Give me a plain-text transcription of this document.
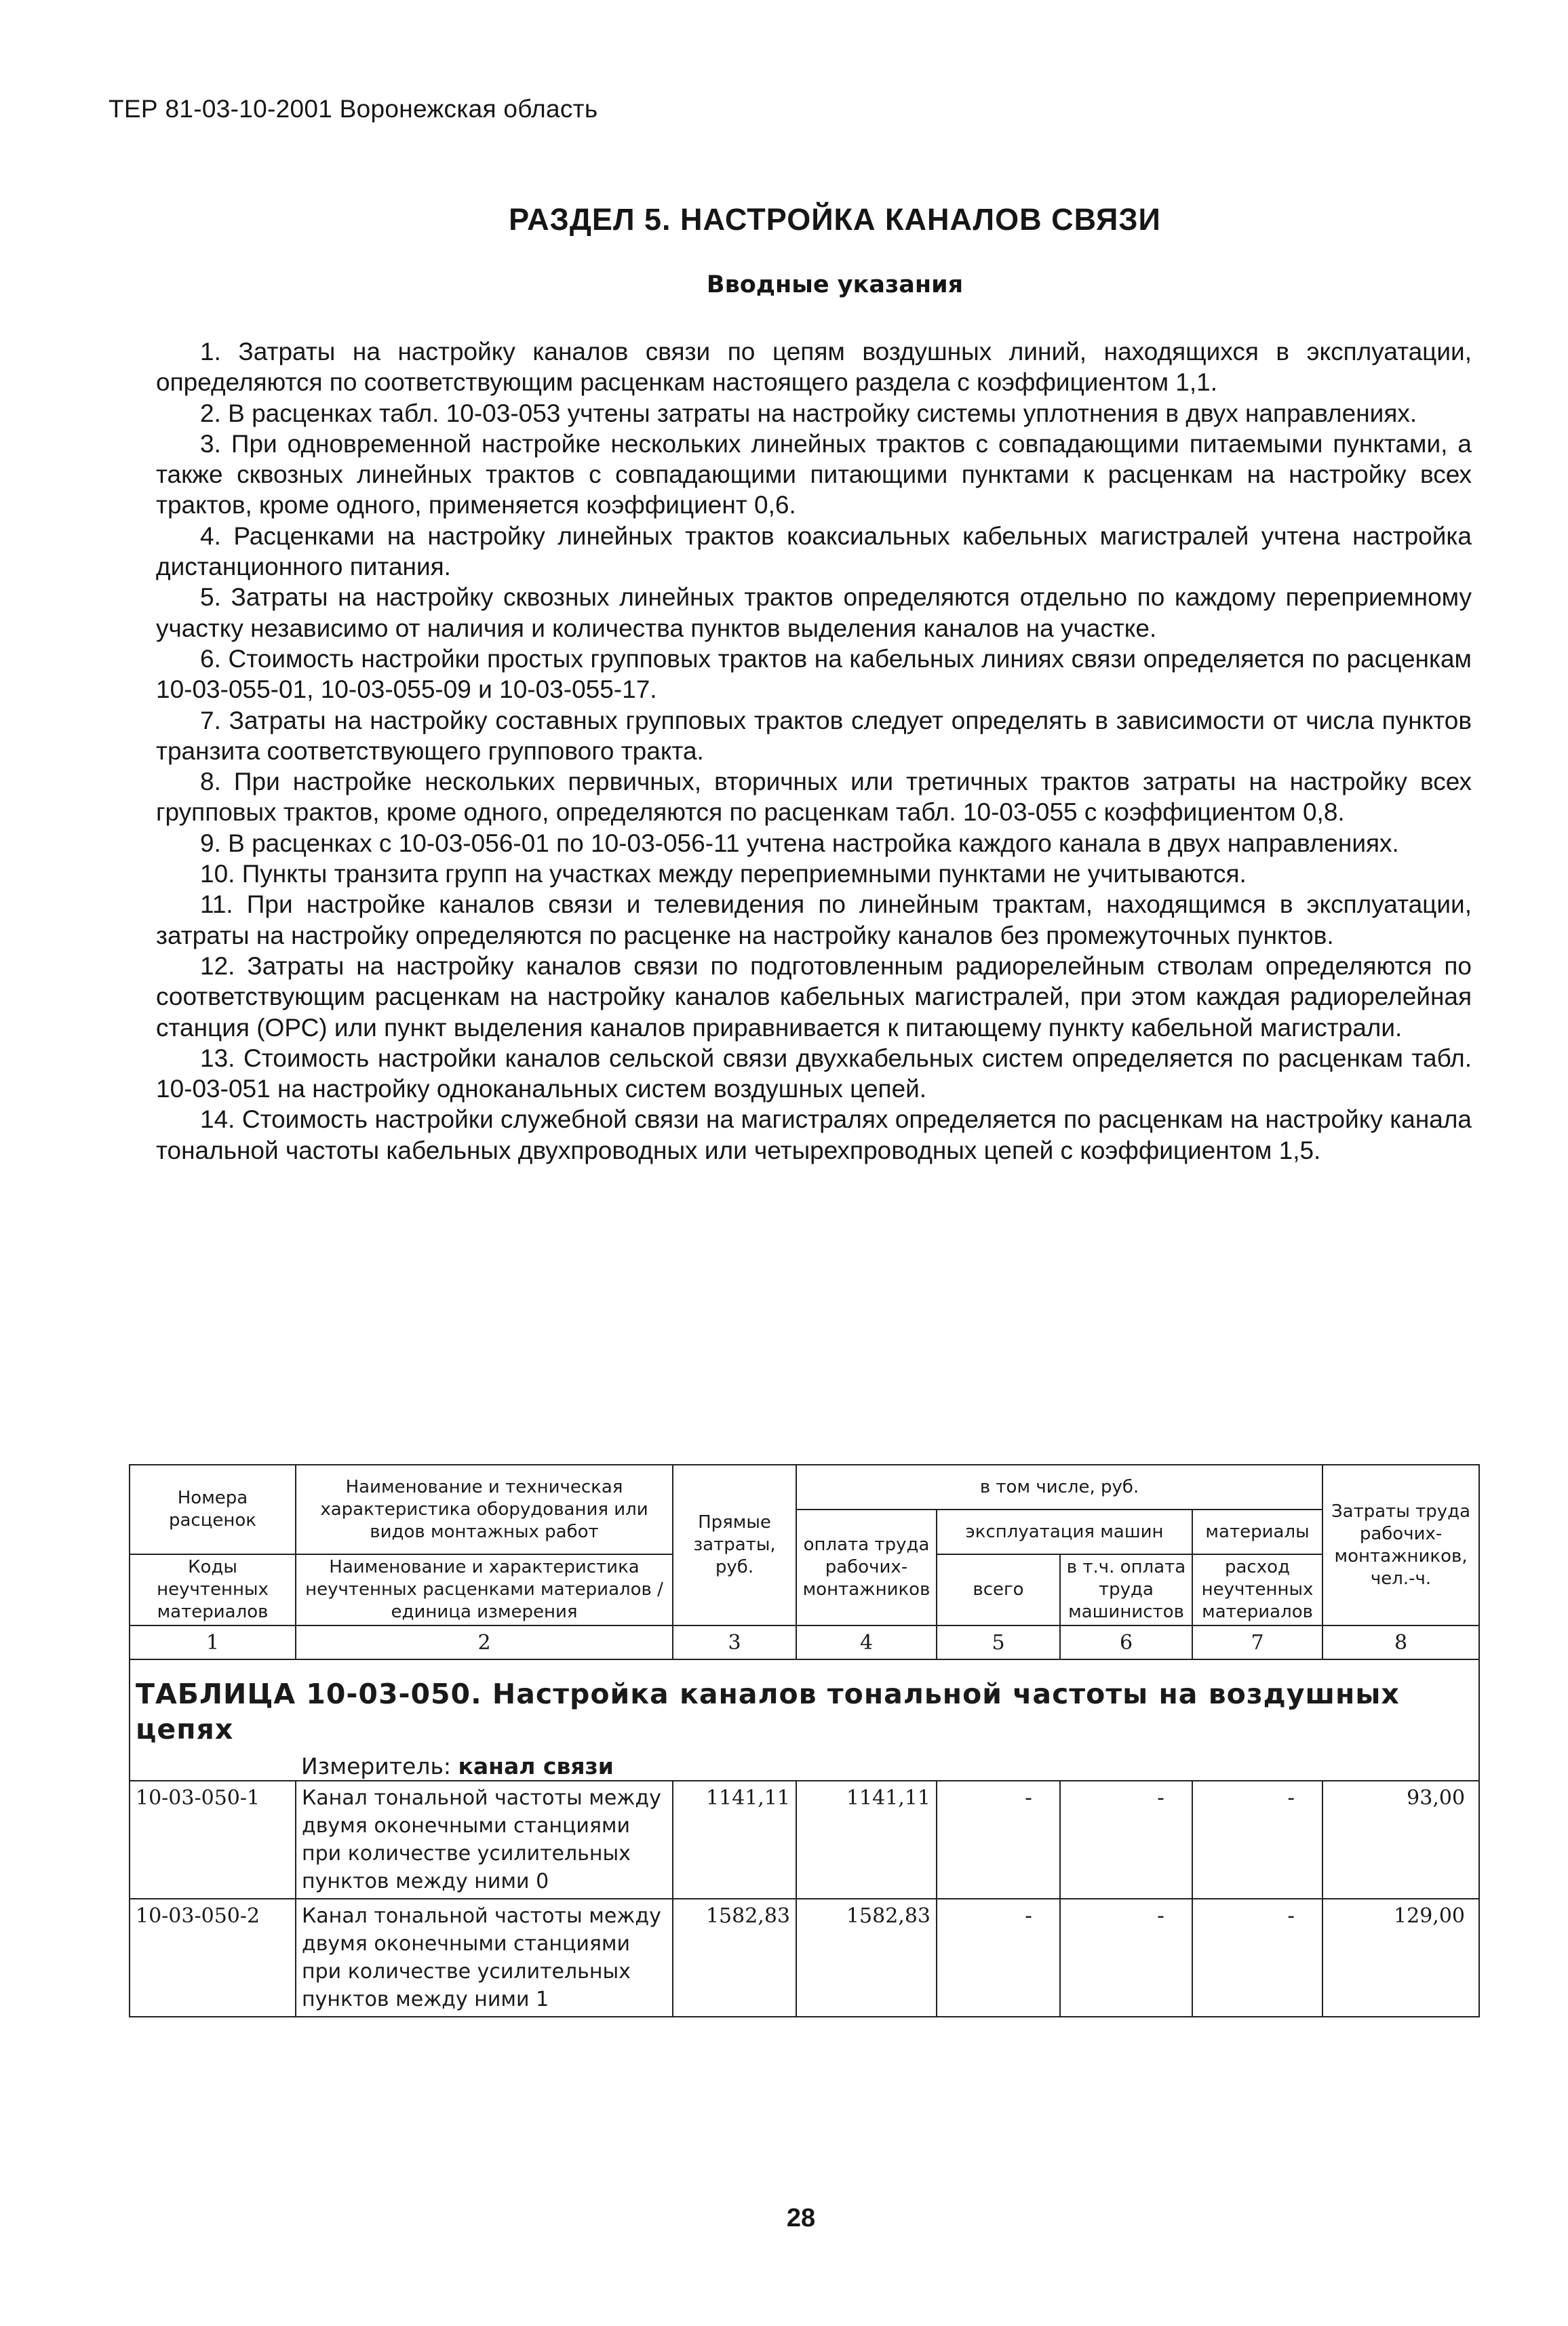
ТЕР 81-03-10-2001 Воронежская область
РАЗДЕЛ 5. НАСТРОЙКА КАНАЛОВ СВЯЗИ
Вводные указания

1. Затраты на настройку каналов связи по цепям воздушных линий, находящихся в эксплуатации, определяются по соответствующим расценкам настоящего раздела с коэффициентом 1,1.

2. В расценках табл. 10-03-053 учтены затраты на настройку системы уплотнения в двух направлениях.

3. При одновременной настройке нескольких линейных трактов с совпадающими питаемыми пунктами, а также сквозных линейных трактов с совпадающими питающими пунктами к расценкам на настройку всех трактов, кроме одного, применяется коэффициент 0,6.

4. Расценками на настройку линейных трактов коаксиальных кабельных магистралей учтена настройка дистанционного питания.

5. Затраты на настройку сквозных линейных трактов определяются отдельно по каждому переприемному участку независимо от наличия и количества пунктов выделения каналов на участке.

6. Стоимость настройки простых групповых трактов на кабельных линиях связи определяется по расценкам 10-03-055-01, 10-03-055-09 и 10-03-055-17.

7. Затраты на настройку составных групповых трактов следует определять в зависимости от числа пунктов транзита соответствующего группового тракта.

8. При настройке нескольких первичных, вторичных или третичных трактов затраты на настройку всех групповых трактов, кроме одного, определяются по расценкам табл. 10-03-055 с коэффициентом 0,8.

9. В расценках с 10-03-056-01 по 10-03-056-11 учтена настройка каждого канала в двух направлениях.

10. Пункты транзита групп на участках между переприемными пунктами не учитываются.

11. При настройке каналов связи и телевидения по линейным трактам, находящимся в эксплуатации, затраты на настройку определяются по расценке на настройку каналов без промежуточных пунктов.

12. Затраты на настройку каналов связи по подготовленным радиорелейным стволам определяются по соответствующим расценкам на настройку каналов кабельных магистралей, при этом каждая радиорелейная станция (ОРС) или пункт выделения каналов приравнивается к питающему пункту кабельной магистрали.

13. Стоимость настройки каналов сельской связи двухкабельных систем определяется по расценкам табл. 10-03-051 на настройку одноканальных систем воздушных цепей.

14. Стоимость настройки служебной связи на магистралях определяется по расценкам на настройку канала тональной частоты кабельных двухпроводных или четырехпроводных цепей с коэффициентом 1,5.

Номера расценок	Наименование и техническая характеристика оборудования или видов монтажных работ	Прямые затраты, руб.	в том числе, руб.				Затраты труда рабочих-монтажников, чел.-ч.
			оплата труда рабочих-монтажников	эксплуатация машин		материалы	
Коды неучтенных материалов	Наименование и характеристика неучтенных расценками материалов / единица измерения			всего	в т.ч. оплата труда машинистов	расход неучтенных материалов	

1	2	3	4	5	6	7	8
ТАБЛИЦА 10-03-050. Настройка каналов тональной частоты на воздушных цепях							
Измеритель: канал связи							
10-03-050-1	Канал тональной частоты между двумя оконечными станциями при количестве усилительных пунктов между ними 0	1141,11	1141,11	-	-	-	93,00
10-03-050-2	Канал тональной частоты между двумя оконечными станциями при количестве усилительных пунктов между ними 1	1582,83	1582,83	-	-	-	129,00
28
